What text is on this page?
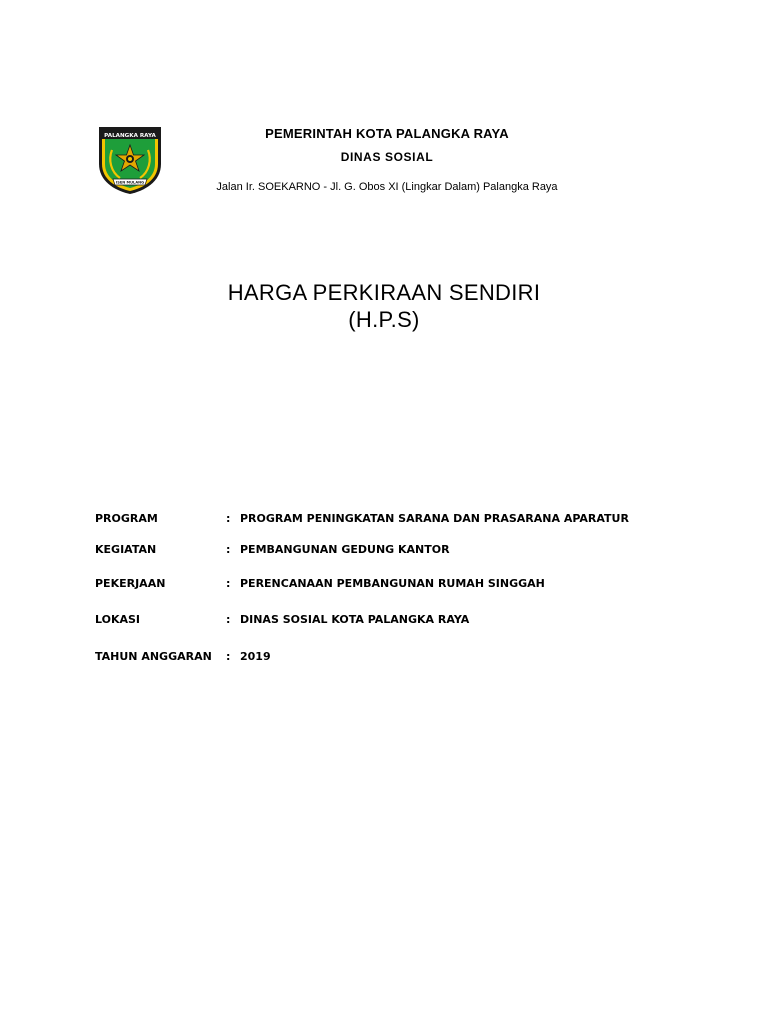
PALANGKA RAYA
ISEN MULANG
PEMERINTAH KOTA PALANGKA RAYA
DINAS SOSIAL
Jalan Ir. SOEKARNO - Jl. G. Obos XI (Lingkar Dalam) Palangka Raya
HARGA PERKIRAAN SENDIRI
(H.P.S)
PROGRAM	: PROGRAM PENINGKATAN SARANA DAN PRASARANA APARATUR
KEGIATAN	: PEMBANGUNAN GEDUNG KANTOR
PEKERJAAN	: PERENCANAAN PEMBANGUNAN RUMAH SINGGAH
LOKASI	: DINAS SOSIAL KOTA PALANGKA RAYA
TAHUN ANGGARAN : 2019
